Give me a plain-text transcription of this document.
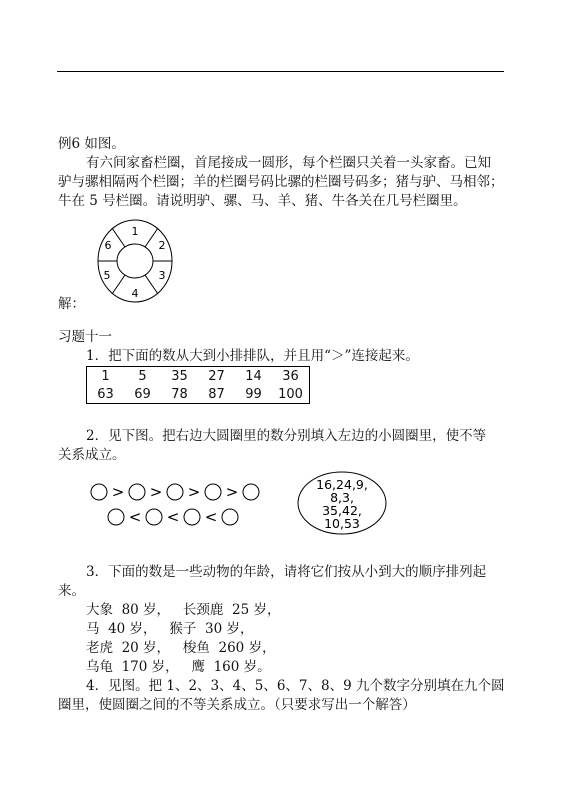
例6 如图。
有六间家畜栏圈，首尾接成一圆形，每个栏圈只关着一头家畜。已知
驴与骡相隔两个栏圈；羊的栏圈号码比骡的栏圈号码多；猪与驴、马相邻；
牛在 5 号栏圈。请说明驴、骡、马、羊、猪、牛各关在几号栏圈里。
1
2
3
4
5
6
解：
习题十一
1．把下面的数从大到小排排队，并且用“＞”连接起来。
1	5	35	27	14	36
63	69	78	87	99	100
2．见下图。把右边大圆圈里的数分别填入左边的小圆圈里，使不等
关系成立。
> > > >
< < <
16,24,9,
8,3,
35,42,
10,53
3．下面的数是一些动物的年龄，请将它们按从小到大的顺序排列起
来。
大象  80 岁，   长颈鹿  25 岁，
马  40 岁，   猴子  30 岁，
老虎  20 岁，   梭鱼  260 岁，
乌龟  170 岁，   鹰  160 岁。
4．见图。把 1、2、3、4、5、6、7、8、9 九个数字分别填在九个圆
圈里，使圆圈之间的不等关系成立。（只要求写出一个解答）
